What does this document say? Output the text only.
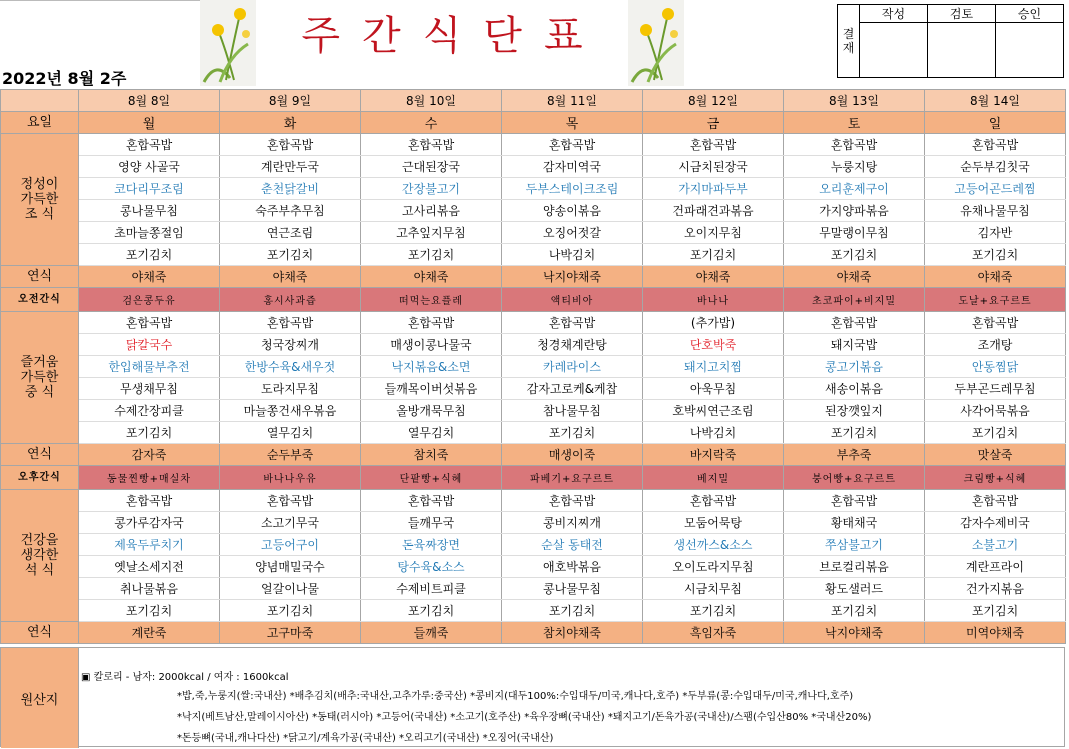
주간식단표	결재	작성	검토	승인

2022년 8월 2주
	8월 8일	8월 9일	8월 10일	8월 11일	8월 12일	8월 13일	8월 14일
요일	월	화	수	목	금	토	일
정성이
가득한
조 식	혼합곡밥	혼합곡밥	혼합곡밥	혼합곡밥	혼합곡밥	혼합곡밥	혼합곡밥
	영양 사골국	계란만두국	근대된장국	감자미역국	시금치된장국	누룽지탕	순두부김칫국
	코다리무조림	춘천닭갈비	간장불고기	두부스테이크조림	가지마파두부	오리훈제구이	고등어곤드레찜
	콩나물무침	숙주부추무침	고사리볶음	양송이볶음	건파래견과볶음	가지양파볶음	유채나물무침
	초마늘쫑절임	연근조림	고추잎지무침	오징어젓갈	오이지무침	무말랭이무침	김자반
	포기김치	포기김치	포기김치	나박김치	포기김치	포기김치	포기김치
연식	야채죽	야채죽	야채죽	낙지야채죽	야채죽	야채죽	야채죽
오전간식	검은콩두유	홍시사과즙	떠먹는요플레	액티비아	바나나	초코파이+비지밀	도날+요구르트
즐거움
가득한
중 식	혼합곡밥	혼합곡밥	혼합곡밥	혼합곡밥	(추가밥)	혼합곡밥	혼합곡밥
	닭칼국수	청국장찌개	매생이콩나물국	청경채계란탕	단호박죽	돼지국밥	조개탕
	한입해물부추전	한방수육&새우젓	낙지볶음&소면	카레라이스	돼지고치찜	콩고기볶음	안동찜닭
	무생채무침	도라지무침	들깨목이버섯볶음	감자고로케&케찹	아욱무침	새송이볶음	두부곤드레무침
	수제간장피클	마늘쫑건새우볶음	올방개묵무침	참나물무침	호박씨연근조림	된장깻잎지	사각어묵볶음
	포기김치	열무김치	열무김치	포기김치	나박김치	포기김치	포기김치
연식	감자죽	순두부죽	참치죽	매생이죽	바지락죽	부추죽	맛살죽
오후간식	동물찐빵+매실차	바나나우유	단팥빵+식혜	파베기+요구르트	베지밀	붕어빵+요구르트	크림빵+식혜
건강을
생각한
석 식	혼합곡밥	혼합곡밥	혼합곡밥	혼합곡밥	혼합곡밥	혼합곡밥	혼합곡밥
	콩가루감자국	소고기무국	들깨무국	콩비지찌개	모둠어묵탕	황태채국	감자수제비국
	제육두루치기	고등어구이	돈육짜장면	순살 동태전	생선까스&소스	쭈삼불고기	소불고기
	옛날소세지전	양념매밀국수	탕수육&소스	애호박볶음	오이도라지무침	브로컬리볶음	계란프라이
	취나물볶음	얼갈이나물	수제비트피클	콩나물무침	시금치무침	황도샐러드	건가지볶음
	포기김치	포기김치	포기김치	포기김치	포기김치	포기김치	포기김치
연식	계란죽	고구마죽	들깨죽	참치야채죽	흑임자죽	낙지야채죽	미역야채죽
원산지
▣ 칼로리 - 남자: 2000kcal / 여자 : 1600kcal
*밥,죽,누룽지(쌀:국내산) *배추김치(배추:국내산,고추가루:중국산) *콩비지(대두100%:수입대두/미국,캐나다,호주) *두부류(콩:수입대두/미국,캐나다,호주)
*낙지(베트남산,말레이시아산) *동태(러시아) *고등어(국내산) *소고기(호주산) *육우장뼈(국내산) *돼지고기/돈육가공(국내산)/스팸(수입산80% *국내산20%)
*돈등뼈(국내,캐나다산) *닭고기/계육가공(국내산) *오리고기(국내산) *오징어(국내산)
